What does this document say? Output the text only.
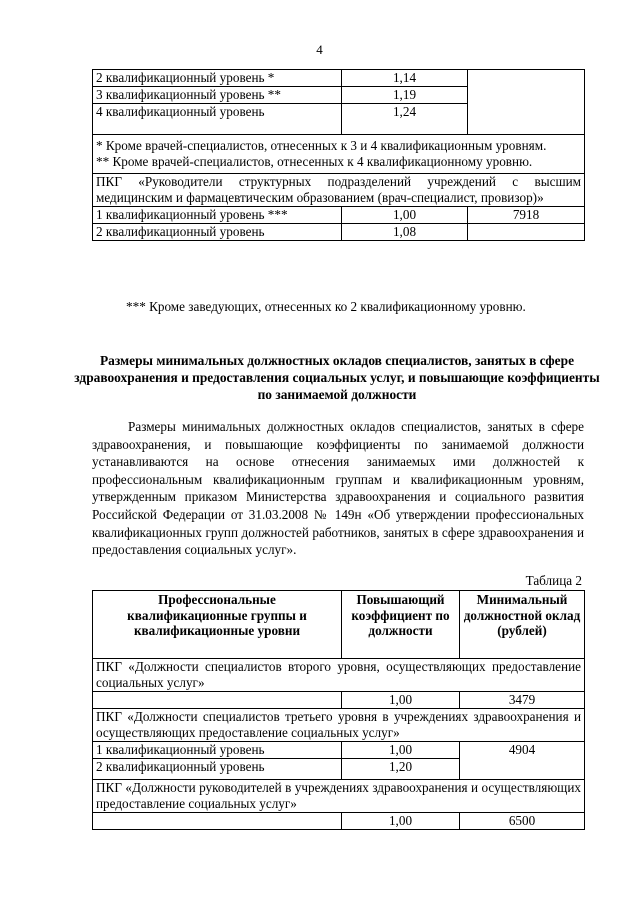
4
2 квалификационный уровень *	1,14	
3 квалификационный уровень **	1,19	
4 квалификационный уровень	1,24	
* Кроме врачей-специалистов, отнесенных к 3 и 4 квалификационным уровням.
** Кроме врачей-специалистов, отнесенных к 4 квалификационному уровню.		
ПКГ «Руководители структурных подразделений учреждений с высшим медицинским и фармацевтическим образованием (врач-специалист, провизор)»		
1 квалификационный уровень ***	1,00	7918
2 квалификационный уровень	1,08	
*** Кроме заведующих, отнесенных ко 2 квалификационному уровню.
Размеры минимальных должностных окладов специалистов, занятых в сфере здравоохранения и предоставления социальных услуг, и повышающие коэффициенты по занимаемой должности
Размеры минимальных должностных окладов специалистов, занятых в сфере здравоохранения, и повышающие коэффициенты по занимаемой должности устанавливаются на основе отнесения занимаемых ими должностей к профессиональным квалификационным группам и квалификационным уровням, утвержденным приказом Министерства здравоохранения и социального развития Российской Федерации от 31.03.2008 № 149н «Об утверждении профессиональных квалификационных групп должностей работников, занятых в сфере здравоохранения и предоставления социальных услуг».
Таблица 2
Профессиональные квалификационные группы и квалификационные уровни	Повышающий коэффициент по должности	Минимальный должностной оклад (рублей)
ПКГ «Должности специалистов второго уровня, осуществляющих предоставление социальных услуг»		
	1,00	3479
ПКГ «Должности специалистов третьего уровня в учреждениях здравоохранения и осуществляющих предоставление социальных услуг»		
1 квалификационный уровень	1,00	4904
2 квалификационный уровень	1,20	
ПКГ «Должности руководителей в учреждениях здравоохранения и осуществляющих предоставление социальных услуг»		
	1,00	6500
